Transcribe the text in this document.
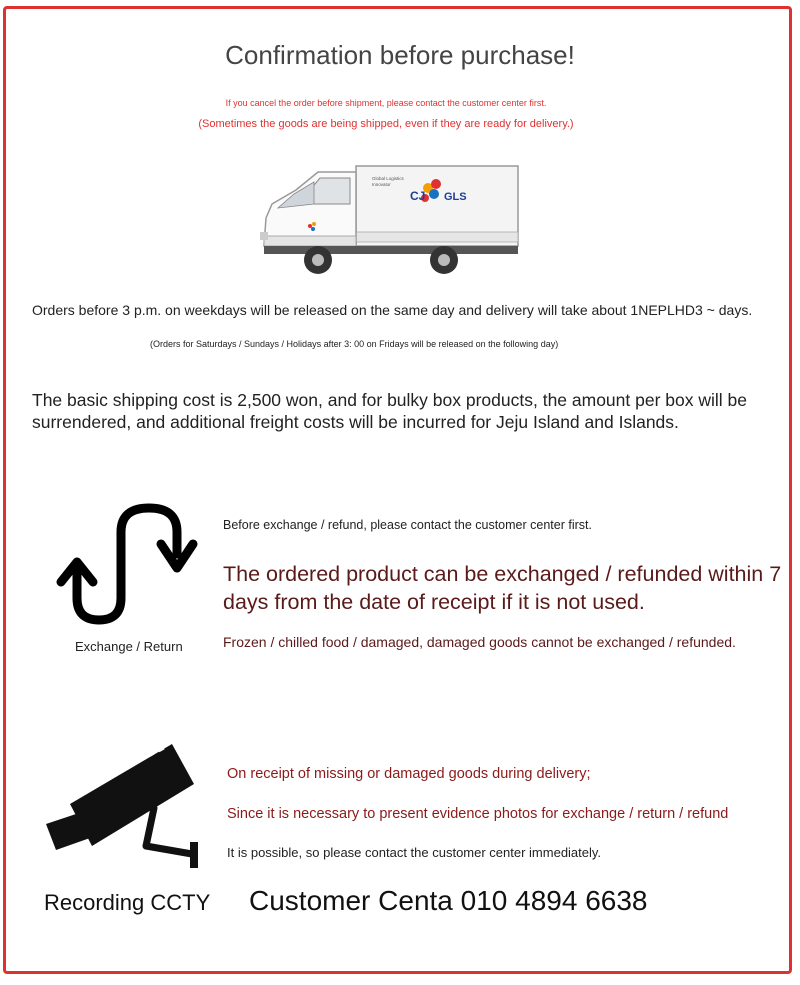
Confirmation before purchase!
If you cancel the order before shipment, please contact the customer center first.
(Sometimes the goods are being shipped, even if they are ready for delivery.)
CJ GLS
Global Logistics
Innovator
Orders before 3 p.m. on weekdays will be released on the same day and delivery will take about 1NEPLHD3 ~ days.
(Orders for Saturdays / Sundays / Holidays after 3: 00 on Fridays will be released on the following day)
The basic shipping cost is 2,500 won, and for bulky box products, the amount per box will be surrendered, and additional freight costs will be incurred for Jeju Island and Islands.
Exchange / Return
Before exchange / refund, please contact the customer center first.
The ordered product can be exchanged / refunded within 7 days from the date of receipt if it is not used.
Frozen / chilled food / damaged, damaged goods cannot be exchanged / refunded.
Recording CCTY
On receipt of missing or damaged goods during delivery;
Since it is necessary to present evidence photos for exchange / return / refund
It is possible, so please contact the customer center immediately.
Customer Centa 010 4894 6638
